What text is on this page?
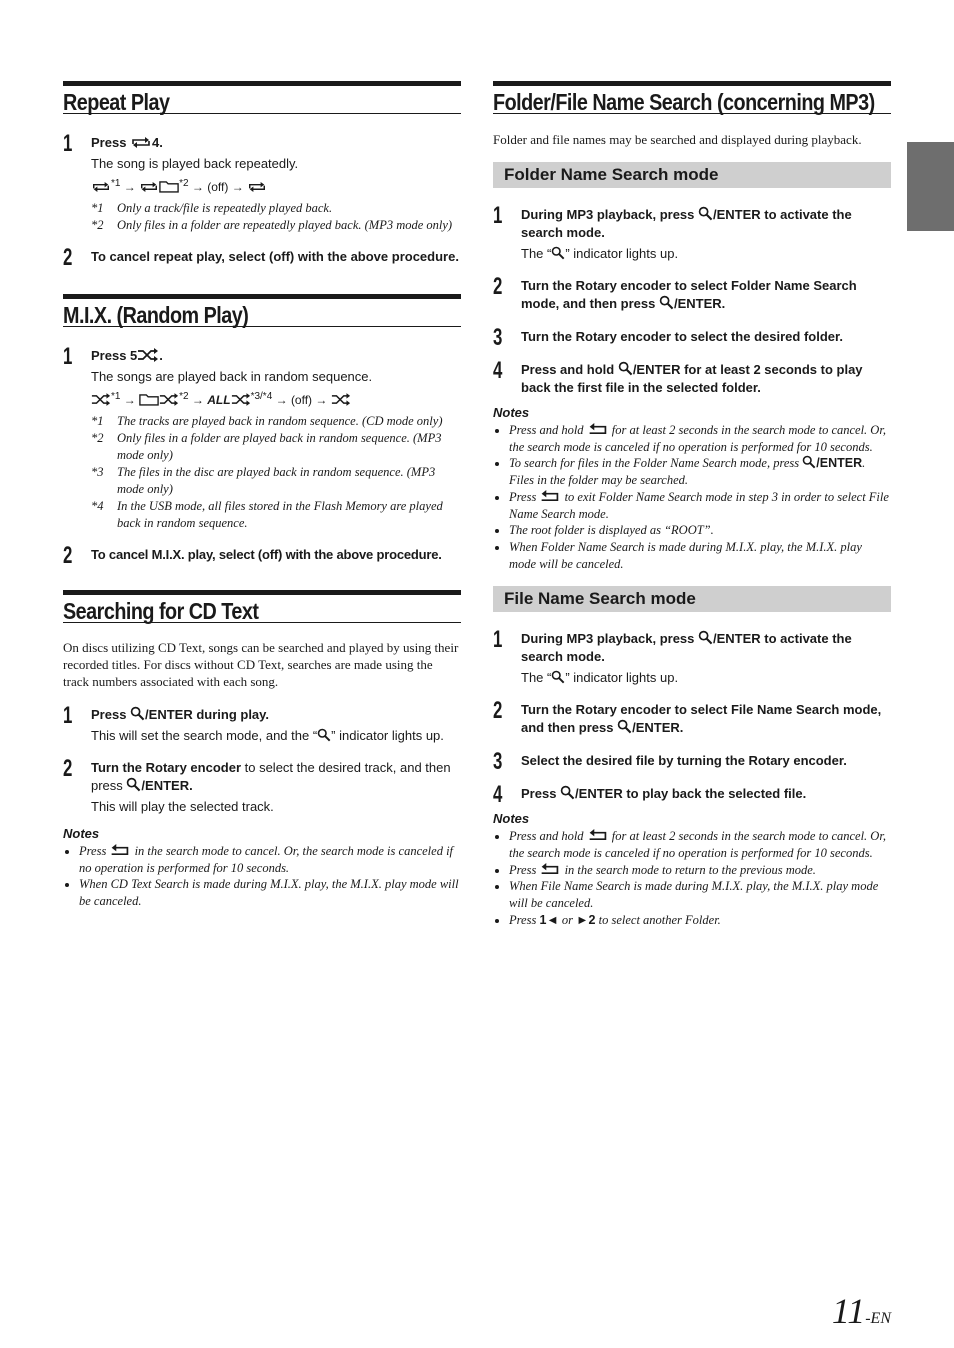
Repeat Play
1 Press 4.
The song is played back repeatedly.
$^{*1}$ →	$^{*2}$ → (off) →
*1	Only a track/file is repeatedly played back.
*2	Only files in a folder are repeatedly played back. (MP3 mode only)
2 To cancel repeat play, select (off) with the above procedure.
M.I.X. (Random Play)
1 Press 5 .
The songs are played back in random sequence.
$^{*1}$ →	$^{*2}$ → ALL $^{*3/*4}$ → (off) →
*1	The tracks are played back in random sequence. (CD mode only)
*2	Only files in a folder are played back in random sequence. (MP3 mode only)
*3	The files in the disc are played back in random sequence. (MP3 mode only)
*4	In the USB mode, all files stored in the Flash Memory are played back in random sequence.
2 To cancel M.I.X. play, select (off) with the above procedure.
Searching for CD Text
On discs utilizing CD Text, songs can be searched and played by using their recorded titles. For discs without CD Text, searches are made using the track numbers associated with each song.
1 Press /ENTER during play.
This will set the search mode, and the “ ” indicator lights up.
2 Turn the Rotary encoder to select the desired track, and then press /ENTER.
This will play the selected track.
Notes
• Press  in the search mode to cancel. Or, the search mode is canceled if no operation is performed for 10 seconds.
• When CD Text Search is made during M.I.X. play, the M.I.X. play mode will be canceled.
Folder/File Name Search (concerning MP3)
Folder and file names may be searched and displayed during playback.
Folder Name Search mode
1 During MP3 playback, press /ENTER to activate the search mode.
The “ ” indicator lights up.
2 Turn the Rotary encoder to select Folder Name Search mode, and then press /ENTER.
3 Turn the Rotary encoder to select the desired folder.
4 Press and hold /ENTER for at least 2 seconds to play back the first file in the selected folder.
Notes
• Press and hold  for at least 2 seconds in the search mode to cancel. Or, the search mode is canceled if no operation is performed for 10 seconds.
• To search for files in the Folder Name Search mode, press /ENTER. Files in the folder may be searched.
• Press  to exit Folder Name Search mode in step 3 in order to select File Name Search mode.
• The root folder is displayed as “ROOT”.
• When Folder Name Search is made during M.I.X. play, the M.I.X. play mode will be canceled.
File Name Search mode
1 During MP3 playback, press /ENTER to activate the search mode.
The “ ” indicator lights up.
2 Turn the Rotary encoder to select File Name Search mode, and then press /ENTER.
3 Select the desired file by turning the Rotary encoder.
4 Press /ENTER to play back the selected file.
Notes
• Press and hold  for at least 2 seconds in the search mode to cancel. Or, the search mode is canceled if no operation is performed for 10 seconds.
• Press  in the search mode to return to the previous mode.
• When File Name Search is made during M.I.X. play, the M.I.X. play mode will be canceled.
• Press 1◄ or ►2 to select another Folder.
11-EN
